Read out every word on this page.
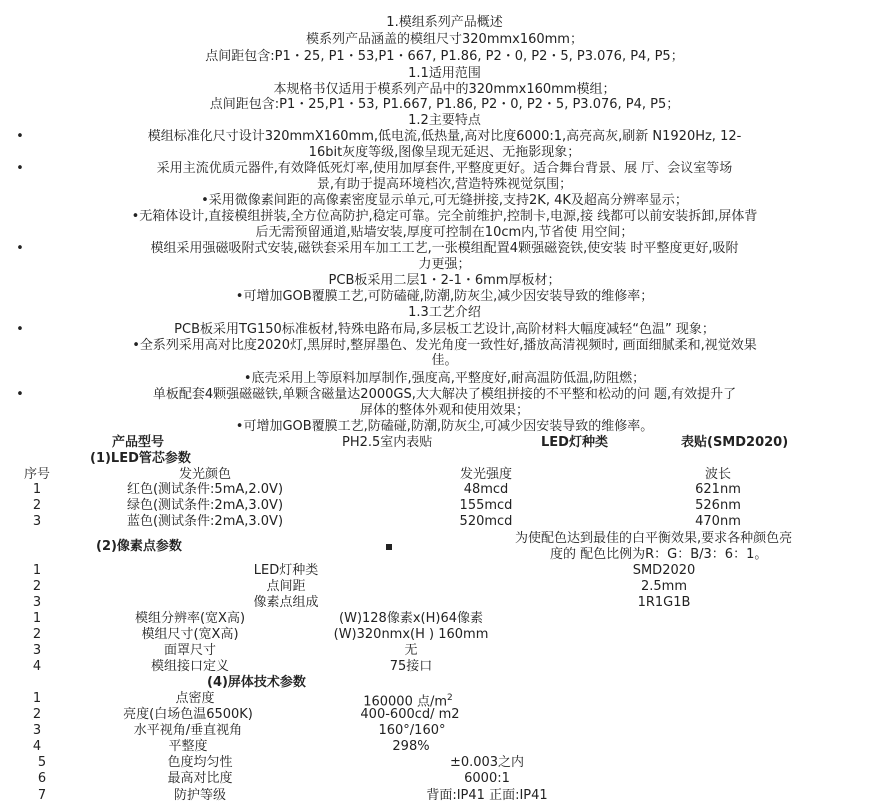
1.模组系列产品概述
模系列产品涵盖的模组尺寸320mmx160mm；
点间距包含:P1・25, P1・53,P1・667, P1.86, P2・0, P2・5, P3.076, P4, P5；
1.1适用范围
本规格书仅适用于模系列产品中的320mmx160mm模组；
点间距包含:P1・25,P1・53, P1.667, P1.86, P2・0, P2・5, P3.076, P4, P5；
1.2主要特点
•	模组标准化尺寸设计320mmX160mm,低电流,低热量,高对比度6000:1,高亮高灰,刷新 N1920Hz, 12-
16bit灰度等级,图像呈现无延迟、无拖影现象；
•	采用主流优质元器件,有效降低死灯率,使用加厚套件,平整度更好。适合舞台背景、展 厅、会议室等场
景,有助于提高环境档次,营造特殊视觉氛围；
•采用微像素间距的高像素密度显示单元,可无缝拼接,支持2K, 4K及超高分辨率显示；
•无箱体设计,直接模组拼装,全方位高防护,稳定可靠。完全前维护,控制卡,电源,接 线都可以前安装拆卸,屏体背
后无需预留通道,贴墙安装,厚度可控制在10cm内,节省使 用空间；
•	模组采用强磁吸附式安装,磁铁套采用车加工工艺,一张模组配置4颗强磁瓷铁,使安装 时平整度更好,吸附
力更强；
PCB板采用二层1・2-1・6mm厚板材；
•可增加GOB覆膜工艺,可防磕碰,防潮,防灰尘,减少因安装导致的维修率；
1.3工艺介绍
•	PCB板采用TG150标准板材,特殊电路布局,多层板工艺设计,高阶材料大幅度减轻“色温” 现象；
•全系列采用高对比度2020灯,黑屏时,整屏墨色、发光角度一致性好,播放高清视频时, 画面细腻柔和,视觉效果
佳。
•底壳采用上等原料加厚制作,强度高,平整度好,耐高温防低温,防阻燃；
•	单板配套4颗强磁磁铁,单颗含磁量达2000GS,大大解决了模组拼接的不平整和松动的问 题,有效提升了
屏体的整体外观和使用效果；
•可增加GOB覆膜工艺,防磕碰,防潮,防灰尘,可减少因安装导致的维修率。
产品型号	PH2.5室内表贴	LED灯种类	表贴(SMD2020)
(1)LED管芯参数
序号	发光颜色	发光强度	波长
1	红色(测试条件:5mA,2.0V)	48mcd	621nm
2	绿色(测试条件:2mA,3.0V)	155mcd	526nm
3	蓝色(测试条件:2mA,3.0V)	520mcd	470nm
为使配色达到最佳的白平衡效果,要求各种颜色亮
(2)像素点参数
度的 配色比例为R：G：B/3：6：1。
1	LED灯种类	SMD2020
2	点间距	2.5mm
3	像素点组成	1R1G1B
1	模组分辨率(宽X高)	(W)128像素x(H)64像素
2	模组尺寸(宽X高)	(W)320nmx(H ) 160mm
3	面罩尺寸	无
4	模组接口定义	75接口
(4)屏体技术参数
1	点密度	160000 点$/m^2$
2	亮度(白场色温6500K)	400-600cd/ m2
3	水平视角/垂直视角	160°/160°
4	平整度	298%
5	色度均匀性	±0.003之内
6	最高对比度	6000:1
7	防护等级	背面:IP41 正面:IP41
